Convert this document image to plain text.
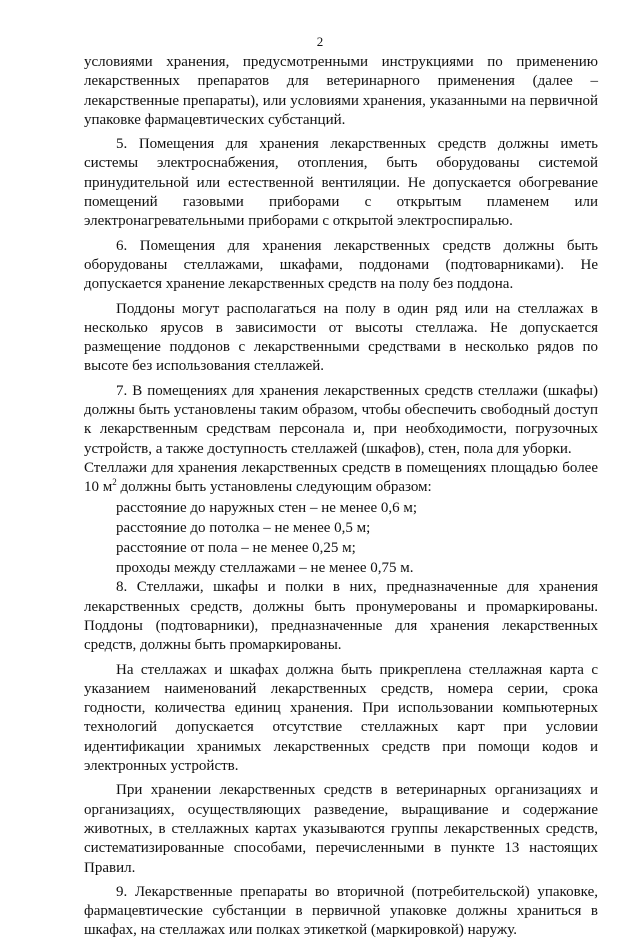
2

условиями хранения, предусмотренными инструкциями по применению лекарственных препаратов для ветеринарного применения (далее – лекарственные препараты), или условиями хранения, указанными на первичной упаковке фармацевтических субстанций.

5. Помещения для хранения лекарственных средств должны иметь системы электроснабжения, отопления, быть оборудованы системой принудительной или естественной вентиляции. Не допускается обогревание помещений газовыми приборами с открытым пламенем или электронагревательными приборами с открытой электроспиралью.

6. Помещения для хранения лекарственных средств должны быть оборудованы стеллажами, шкафами, поддонами (подтоварниками). Не допускается хранение лекарственных средств на полу без поддона.

Поддоны могут располагаться на полу в один ряд или на стеллажах в несколько ярусов в зависимости от высоты стеллажа. Не допускается размещение поддонов с лекарственными средствами в несколько рядов по высоте без использования стеллажей.

7. В помещениях для хранения лекарственных средств стеллажи (шкафы) должны быть установлены таким образом, чтобы обеспечить свободный доступ к лекарственным средствам персонала и, при необходимости, погрузочных устройств, а также доступность стеллажей (шкафов), стен, пола для уборки.

Стеллажи для хранения лекарственных средств в помещениях площадью более 10 $м^2$ должны быть установлены следующим образом:

расстояние до наружных стен – не менее 0,6 м;

расстояние до потолка – не менее 0,5 м;

расстояние от пола – не менее 0,25 м;

проходы между стеллажами – не менее 0,75 м.

8. Стеллажи, шкафы и полки в них, предназначенные для хранения лекарственных средств, должны быть пронумерованы и промаркированы. Поддоны (подтоварники), предназначенные для хранения лекарственных средств, должны быть промаркированы.

На стеллажах и шкафах должна быть прикреплена стеллажная карта с указанием наименований лекарственных средств, номера серии, срока годности, количества единиц хранения. При использовании компьютерных технологий допускается отсутствие стеллажных карт при условии идентификации хранимых лекарственных средств при помощи кодов и электронных устройств.

При хранении лекарственных средств в ветеринарных организациях и организациях, осуществляющих разведение, выращивание и содержание животных, в стеллажных картах указываются группы лекарственных средств, систематизированные способами, перечисленными в пункте 13 настоящих Правил.

9. Лекарственные препараты во вторичной (потребительской) упаковке, фармацевтические субстанции в первичной упаковке должны храниться в шкафах, на стеллажах или полках этикеткой (маркировкой) наружу.
